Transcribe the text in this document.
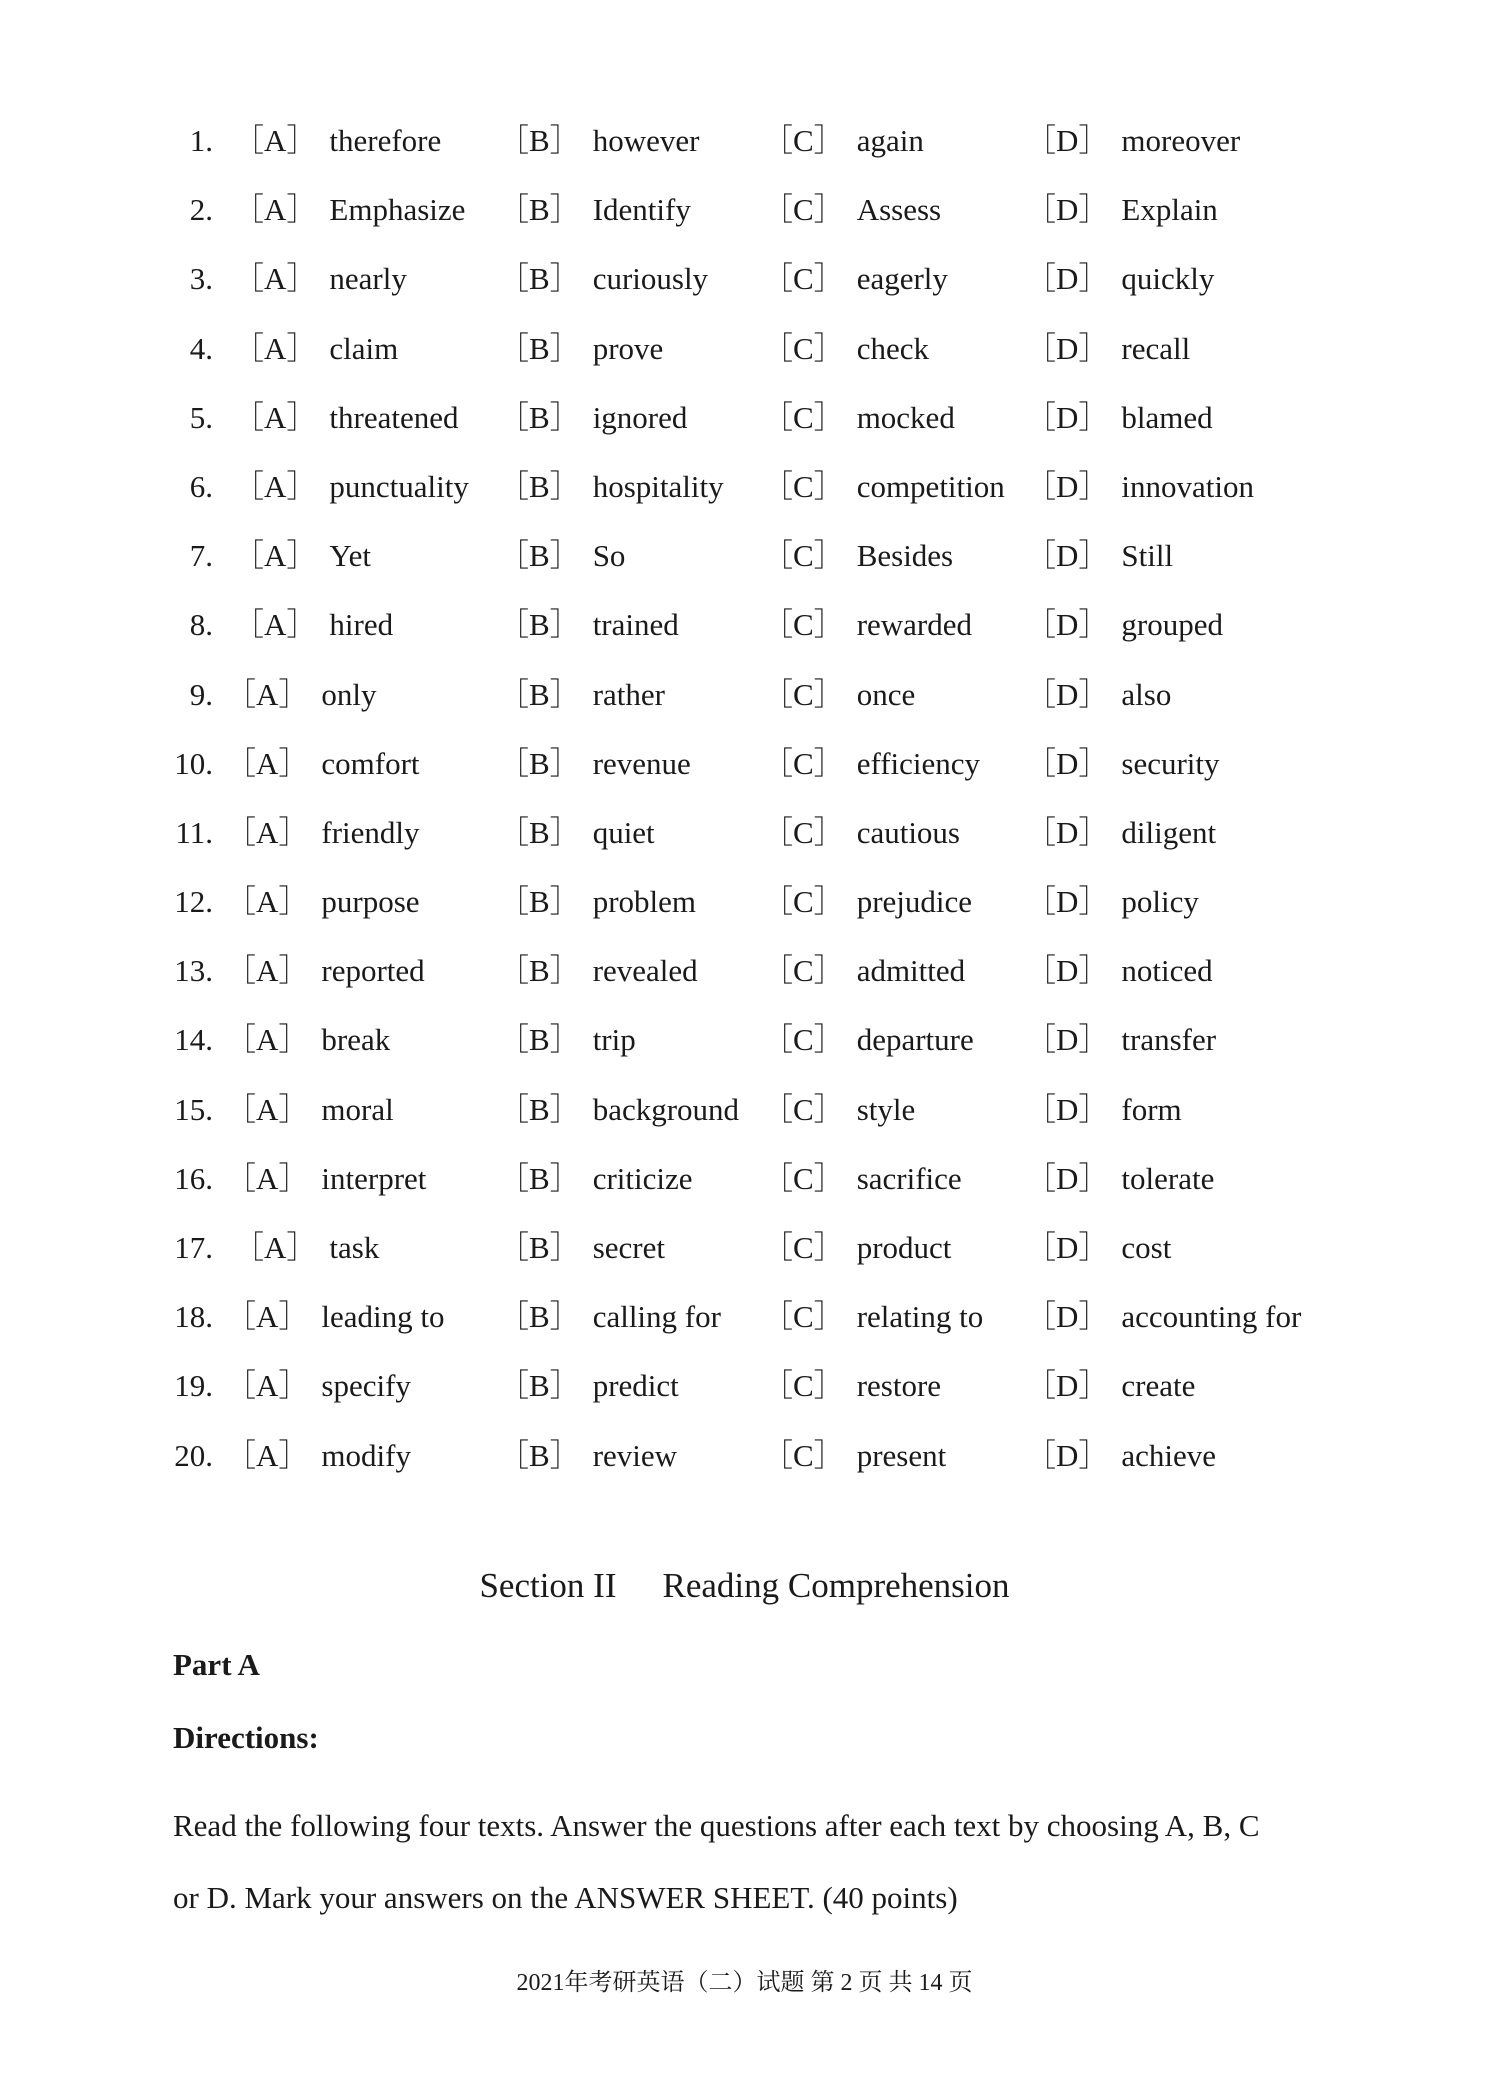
1. ［A］ therefore ［B］ however ［C］ again	［D］ moreover
2. ［A］ Emphasize ［B］ Identify ［C］ Assess	［D］ Explain
3. ［A］ nearly	［B］ curiously ［C］ eagerly ［D］ quickly
4. ［A］ claim	［B］ prove	［C］ check	［D］ recall
5. ［A］ threatened ［B］ ignored ［C］ mocked ［D］ blamed
6. ［A］ punctuality ［B］ hospitality ［C］ competition ［D］ innovation
7. ［A］ Yet	［B］ So	［C］ Besides ［D］ Still
8. ［A］ hired	［B］ trained	［C］ rewarded ［D］ grouped
9. ［A］ only	［B］ rather	［C］ once	［D］ also
10. ［A］ comfort	［B］ revenue ［C］ efficiency ［D］ security
11. ［A］ friendly	［B］ quiet	［C］ cautious ［D］ diligent
12. ［A］ purpose	［B］ problem ［C］ prejudice ［D］ policy
13. ［A］ reported ［B］ revealed ［C］ admitted ［D］ noticed
14. ［A］ break	［B］ trip	［C］ departure ［D］ transfer
15. ［A］ moral	［B］ background ［C］ style	［D］ form
16. ［A］ interpret ［B］ criticize ［C］ sacrifice ［D］ tolerate
17. ［A］ task	［B］ secret	［C］ product ［D］ cost
18. ［A］ leading to ［B］ calling for ［C］ relating to ［D］ accounting for
19. ［A］ specify	［B］ predict	［C］ restore	［D］ create
20. ［A］ modify	［B］ review	［C］ present	［D］ achieve
Section II Reading Comprehension
Part A
Directions:
Read the following four texts. Answer the questions after each text by choosing A, B, C
or D. Mark your answers on the ANSWER SHEET. (40 points)
2021年考研英语（二）试题 第 2 页 共 14 页
